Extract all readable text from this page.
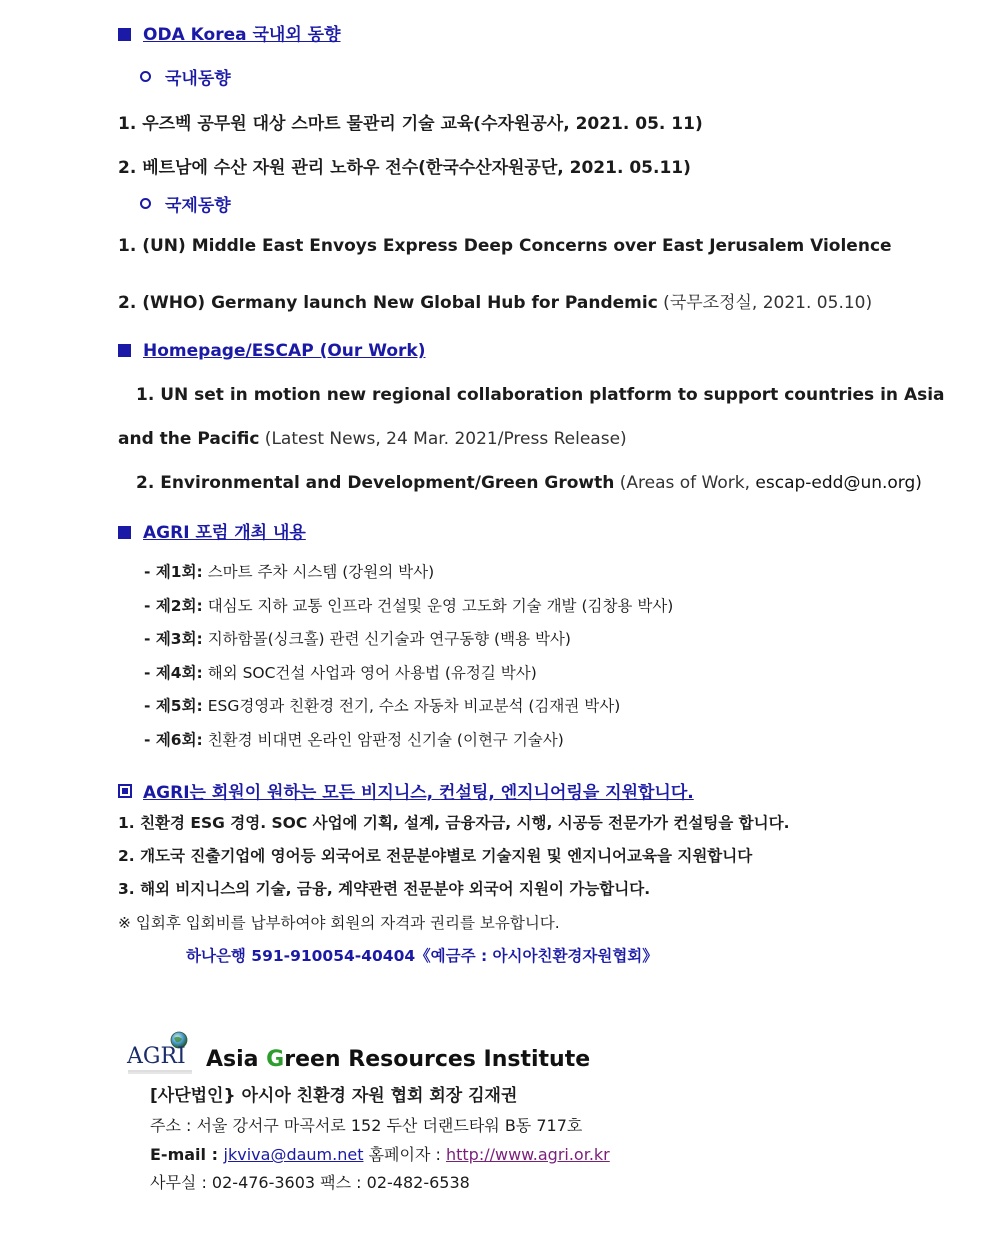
ODA Korea 국내외 동향
국내동향
1. 우즈벡 공무원 대상 스마트 물관리 기술 교육(수자원공사, 2021. 05. 11)
2. 베트남에 수산 자원 관리 노하우 전수(한국수산자원공단, 2021. 05.11)
국제동향
1. (UN) Middle East Envoys Express Deep Concerns over East Jerusalem Violence
2. (WHO) Germany launch New Global Hub for Pandemic (국무조정실, 2021. 05.10)
Homepage/ESCAP (Our Work)
1. UN set in motion new regional collaboration platform to support countries in Asia
and the Pacific (Latest News, 24 Mar. 2021/Press Release)
2. Environmental and Development/Green Growth (Areas of Work, escap-edd@un.org)
AGRI 포럼 개최 내용
- 제1회: 스마트 주차 시스템 (강원의 박사)
- 제2회: 대심도 지하 교통 인프라 건설및 운영 고도화 기술 개발 (김창용 박사)
- 제3회: 지하함몰(싱크홀) 관련 신기술과 연구동향 (백용 박사)
- 제4회: 해외 SOC건설 사업과 영어 사용법 (유정길 박사)
- 제5회: ESG경영과 친환경 전기, 수소 자동차 비교분석 (김재권 박사)
- 제6회: 친환경 비대면 온라인 암판정 신기술 (이현구 기술사)
AGRI는 회원이 원하는 모든 비지니스, 컨설팅, 엔지니어링을 지원합니다.
1. 친환경 ESG 경영. SOC 사업에 기획, 설계, 금융자금, 시행, 시공등 전문가가 컨설팅을 합니다.
2. 개도국 진출기업에 영어등 외국어로 전문분야별로 기술지원 및 엔지니어교육을 지원합니다
3. 해외 비지니스의 기술, 금융, 계약관련 전문분야 외국어 지원이 가능합니다.
※ 입회후 입회비를 납부하여야 회원의 자격과 권리를 보유합니다.
하나은행 591-910054-40404《예금주 : 아시아친환경자원협회》
AGRI Asia Green Resources Institute
[사단법인} 아시아 친환경 자원 협회 회장 김재권
주소 : 서울 강서구 마곡서로 152 두산 더랜드타워 B동 717호
E-mail : jkviva@daum.net 홈페이자 : http://www.agri.or.kr
사무실 : 02-476-3603 팩스 : 02-482-6538
